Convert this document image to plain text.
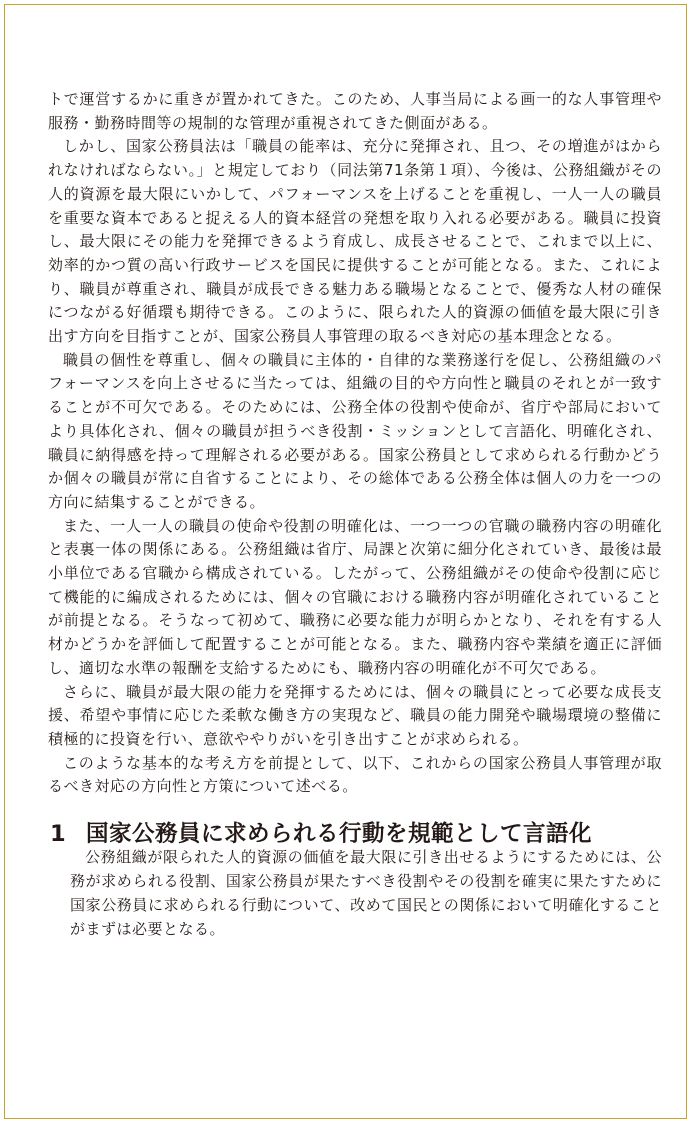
トで運営するかに重きが置かれてきた。このため、人事当局による画一的な人事管理や服務・勤務時間等の規制的な管理が重視されてきた側面がある。

しかし、国家公務員法は「職員の能率は、充分に発揮され、且つ、その増進がはかられなければならない。」と規定しており（同法第71条第１項）、今後は、公務組織がその人的資源を最大限にいかして、パフォーマンスを上げることを重視し、一人一人の職員を重要な資本であると捉える人的資本経営の発想を取り入れる必要がある。職員に投資し、最大限にその能力を発揮できるよう育成し、成長させることで、これまで以上に、効率的かつ質の高い行政サービスを国民に提供することが可能となる。また、これにより、職員が尊重され、職員が成長できる魅力ある職場となることで、優秀な人材の確保につながる好循環も期待できる。このように、限られた人的資源の価値を最大限に引き出す方向を目指すことが、国家公務員人事管理の取るべき対応の基本理念となる。

職員の個性を尊重し、個々の職員に主体的・自律的な業務遂行を促し、公務組織のパフォーマンスを向上させるに当たっては、組織の目的や方向性と職員のそれとが一致することが不可欠である。そのためには、公務全体の役割や使命が、省庁や部局においてより具体化され、個々の職員が担うべき役割・ミッションとして言語化、明確化され、職員に納得感を持って理解される必要がある。国家公務員として求められる行動かどうか個々の職員が常に自省することにより、その総体である公務全体は個人の力を一つの方向に結集することができる。

また、一人一人の職員の使命や役割の明確化は、一つ一つの官職の職務内容の明確化と表裏一体の関係にある。公務組織は省庁、局課と次第に細分化されていき、最後は最小単位である官職から構成されている。したがって、公務組織がその使命や役割に応じて機能的に編成されるためには、個々の官職における職務内容が明確化されていることが前提となる。そうなって初めて、職務に必要な能力が明らかとなり、それを有する人材かどうかを評価して配置することが可能となる。また、職務内容や業績を適正に評価し、適切な水準の報酬を支給するためにも、職務内容の明確化が不可欠である。

さらに、職員が最大限の能力を発揮するためには、個々の職員にとって必要な成長支援、希望や事情に応じた柔軟な働き方の実現など、職員の能力開発や職場環境の整備に積極的に投資を行い、意欲ややりがいを引き出すことが求められる。

このような基本的な考え方を前提として、以下、これからの国家公務員人事管理が取るべき対応の方向性と方策について述べる。

1 国家公務員に求められる行動を規範として言語化

公務組織が限られた人的資源の価値を最大限に引き出せるようにするためには、公務が求められる役割、国家公務員が果たすべき役割やその役割を確実に果たすために国家公務員に求められる行動について、改めて国民との関係において明確化することがまずは必要となる。
